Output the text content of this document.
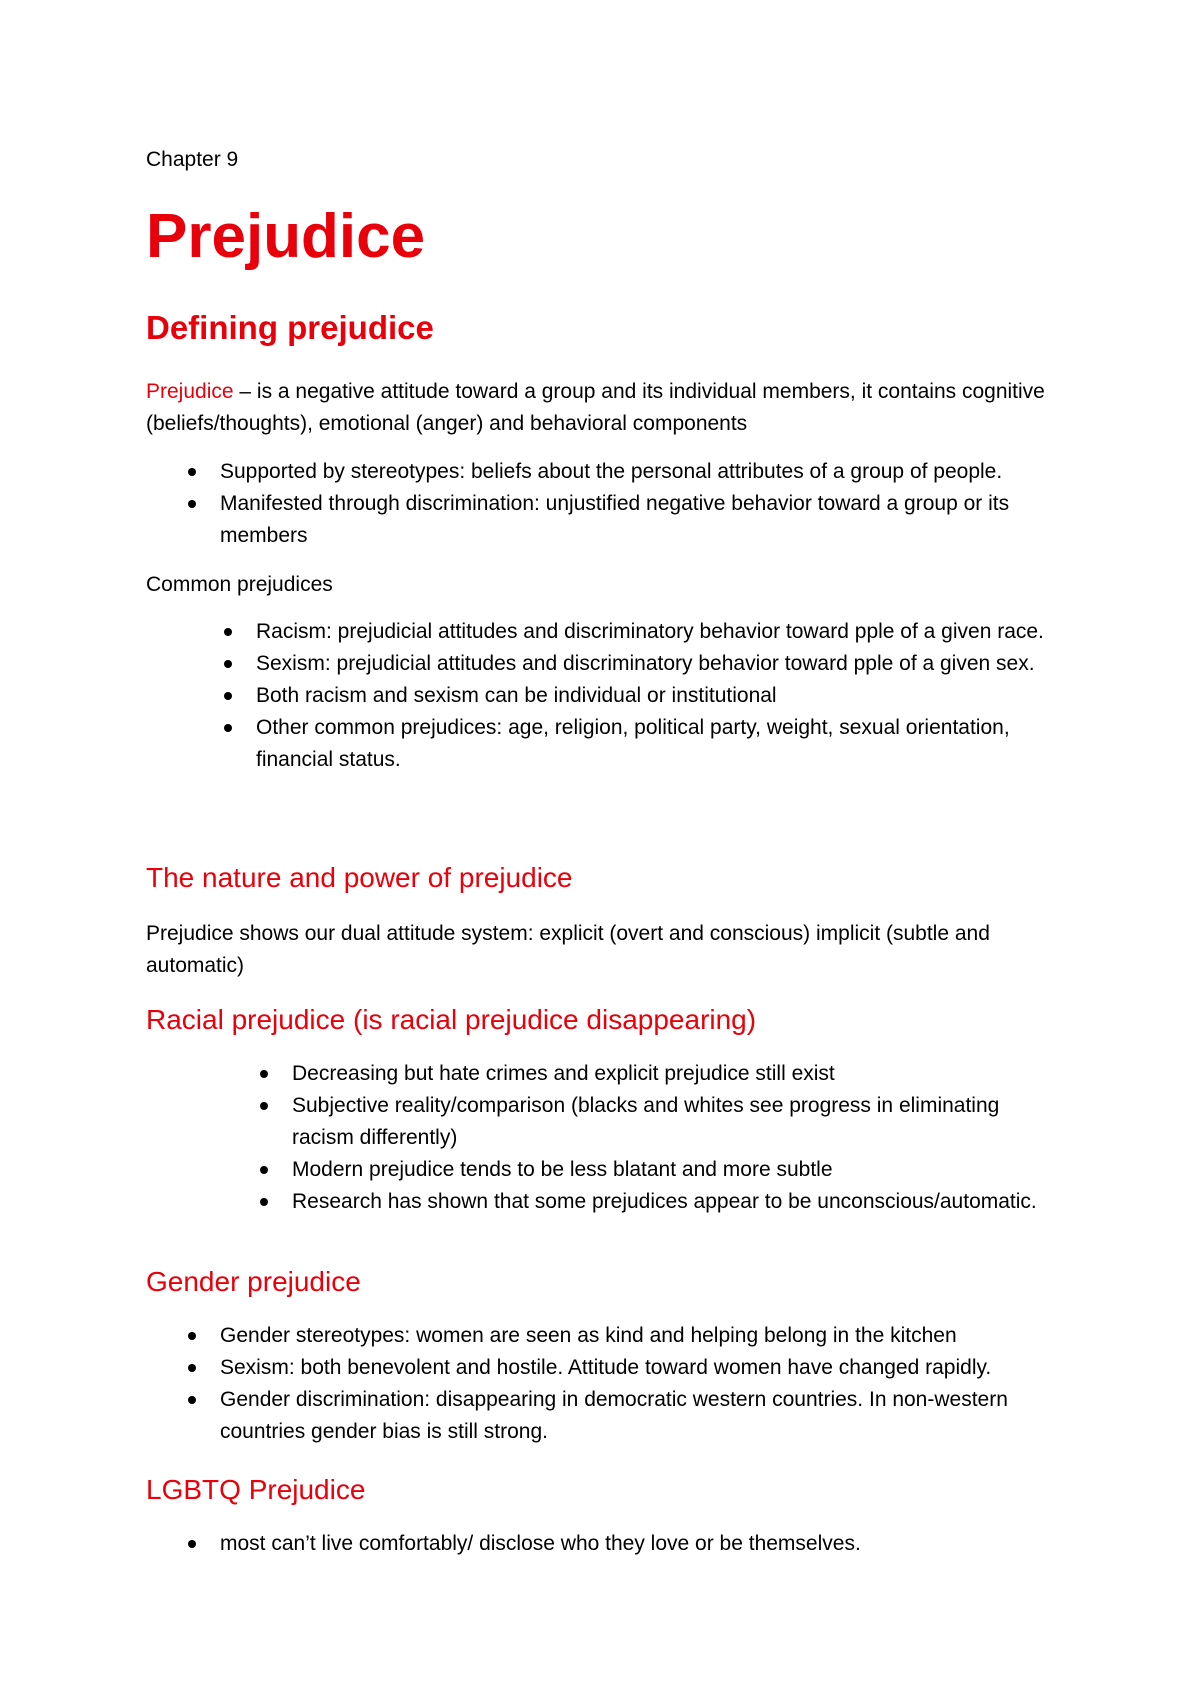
Chapter 9
Prejudice
Defining prejudice
Prejudice – is a negative attitude toward a group and its individual members, it contains cognitive (beliefs/thoughts), emotional (anger) and behavioral components
Supported by stereotypes: beliefs about the personal attributes of a group of people.
Manifested through discrimination: unjustified negative behavior toward a group or its members
Common prejudices
Racism: prejudicial attitudes and discriminatory behavior toward pple of a given race.
Sexism: prejudicial attitudes and discriminatory behavior toward pple of a given sex.
Both racism and sexism can be individual or institutional
Other common prejudices: age, religion, political party, weight, sexual orientation, financial status.
The nature and power of prejudice
Prejudice shows our dual attitude system: explicit (overt and conscious) implicit (subtle and automatic)
Racial prejudice (is racial prejudice disappearing)
Decreasing but hate crimes and explicit prejudice still exist
Subjective reality/comparison (blacks and whites see progress in eliminating racism differently)
Modern prejudice tends to be less blatant and more subtle
Research has shown that some prejudices appear to be unconscious/automatic.
Gender prejudice
Gender stereotypes: women are seen as kind and helping belong in the kitchen
Sexism: both benevolent and hostile. Attitude toward women have changed rapidly.
Gender discrimination: disappearing in democratic western countries. In non-western countries gender bias is still strong.
LGBTQ Prejudice
most can’t live comfortably/ disclose who they love or be themselves.
